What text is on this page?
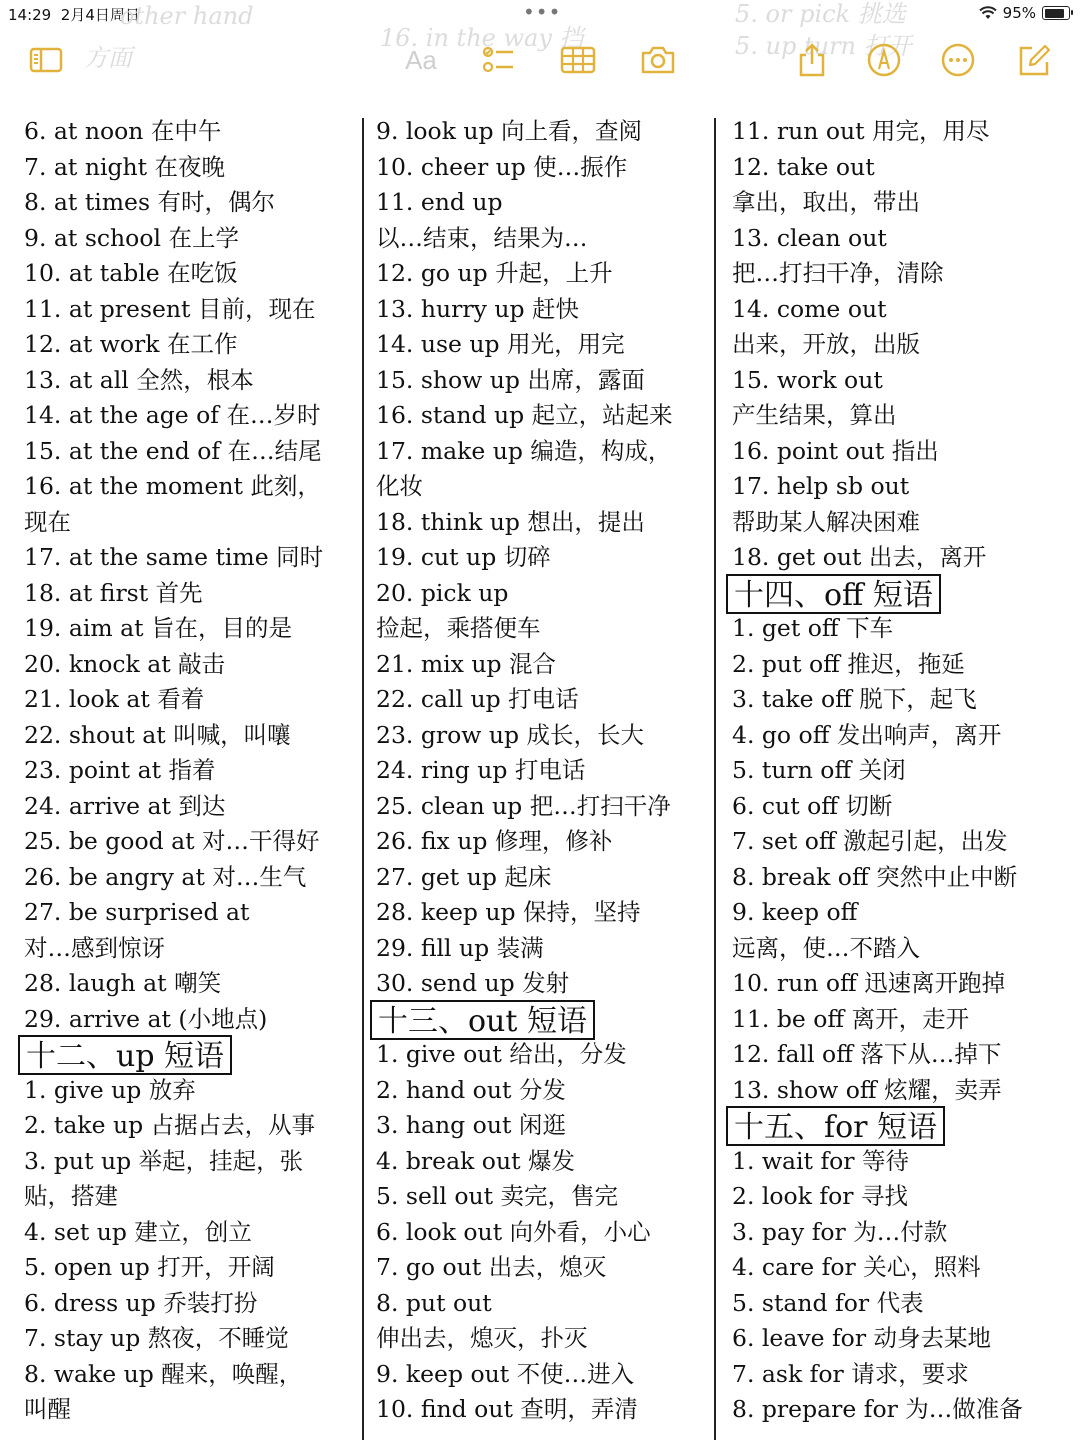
14:29 2月4日周日	•••	95%
other hand
方面
16. in the way 挡
5. or pick 挑选
5. up turn 打开
Aa
6. at noon 在中午
7. at night 在夜晚
8. at times 有时，偶尔
9. at school 在上学
10. at table 在吃饭
11. at present 目前，现在
12. at work 在工作
13. at all 全然，根本
14. at the age of 在…岁时
15. at the end of 在…结尾
16. at the moment 此刻，
现在
17. at the same time 同时
18. at first 首先
19. aim at 旨在，目的是
20. knock at 敲击
21. look at 看着
22. shout at 叫喊，叫嚷
23. point at 指着
24. arrive at 到达
25. be good at 对…干得好
26. be angry at 对…生气
27. be surprised at
对…感到惊讶
28. laugh at 嘲笑
29. arrive at (小地点)
十二、up 短语
1. give up 放弃
2. take up 占据占去，从事
3. put up 举起，挂起，张
贴，搭建
4. set up 建立，创立
5. open up 打开，开阔
6. dress up 乔装打扮
7. stay up 熬夜，不睡觉
8. wake up 醒来，唤醒，
叫醒
9. look up 向上看，查阅
10. cheer up 使…振作
11. end up
以…结束，结果为…
12. go up 升起，上升
13. hurry up 赶快
14. use up 用光，用完
15. show up 出席，露面
16. stand up 起立，站起来
17. make up 编造，构成，
化妆
18. think up 想出，提出
19. cut up 切碎
20. pick up
捡起，乘搭便车
21. mix up 混合
22. call up 打电话
23. grow up 成长，长大
24. ring up 打电话
25. clean up 把…打扫干净
26. fix up 修理，修补
27. get up 起床
28. keep up 保持，坚持
29. fill up 装满
30. send up 发射
十三、out 短语
1. give out 给出，分发
2. hand out 分发
3. hang out 闲逛
4. break out 爆发
5. sell out 卖完，售完
6. look out 向外看，小心
7. go out 出去，熄灭
8. put out
伸出去，熄灭，扑灭
9. keep out 不使…进入
10. find out 查明，弄清
11. run out 用完，用尽
12. take out
拿出，取出，带出
13. clean out
把…打扫干净，清除
14. come out
出来，开放，出版
15. work out
产生结果，算出
16. point out 指出
17. help sb out
帮助某人解决困难
18. get out 出去，离开
十四、off 短语
1. get off 下车
2. put off 推迟，拖延
3. take off 脱下，起飞
4. go off 发出响声，离开
5. turn off 关闭
6. cut off 切断
7. set off 激起引起，出发
8. break off 突然中止中断
9. keep off
远离，使…不踏入
10. run off 迅速离开跑掉
11. be off 离开，走开
12. fall off 落下从…掉下
13. show off 炫耀，卖弄
十五、for 短语
1. wait for 等待
2. look for 寻找
3. pay for 为…付款
4. care for 关心，照料
5. stand for 代表
6. leave for 动身去某地
7. ask for 请求，要求
8. prepare for 为…做准备
